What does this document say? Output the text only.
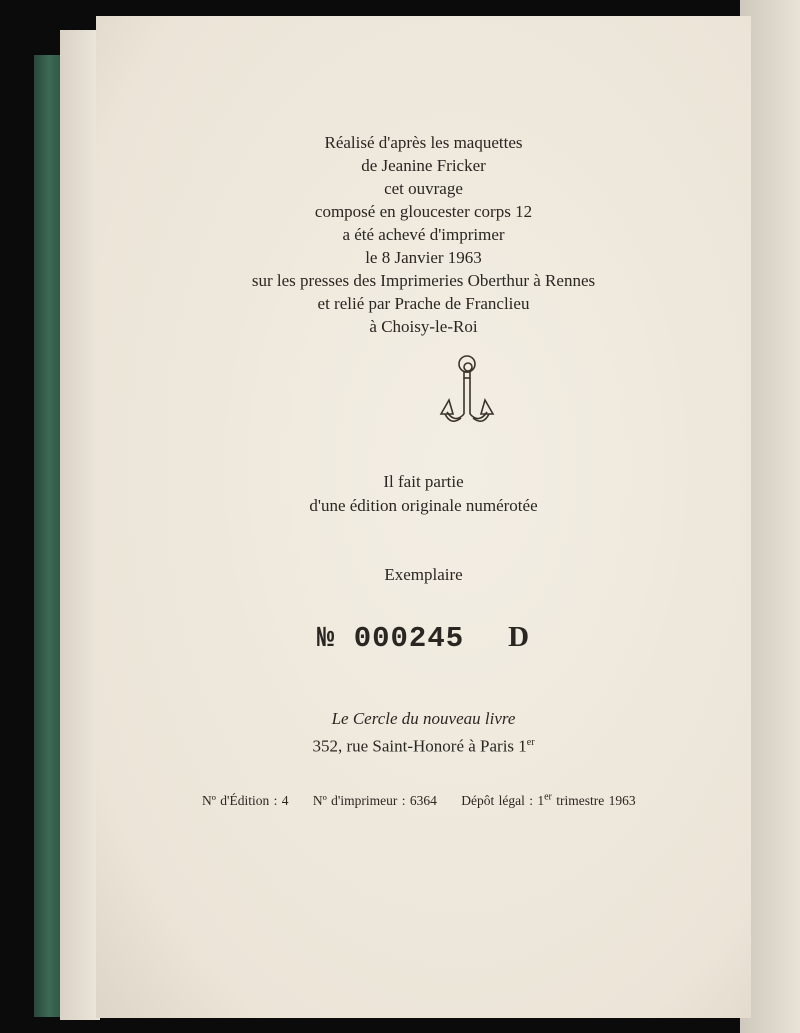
Réalisé d'après les maquettes
de Jeanine Fricker
cet ouvrage
composé en gloucester corps 12
a été achevé d'imprimer
le 8 Janvier 1963
sur les presses des Imprimeries Oberthur à Rennes
et relié par Prache de Franclieu
à Choisy-le-Roi
Il fait partie
d'une édition originale numérotée
Exemplaire
№ 000245 D
Le Cercle du nouveau livre
352, rue Saint-Honoré à Paris 1er
Nº d'Édition : 4 Nº d'imprimeur : 6364 Dépôt légal : 1er trimestre 1963
